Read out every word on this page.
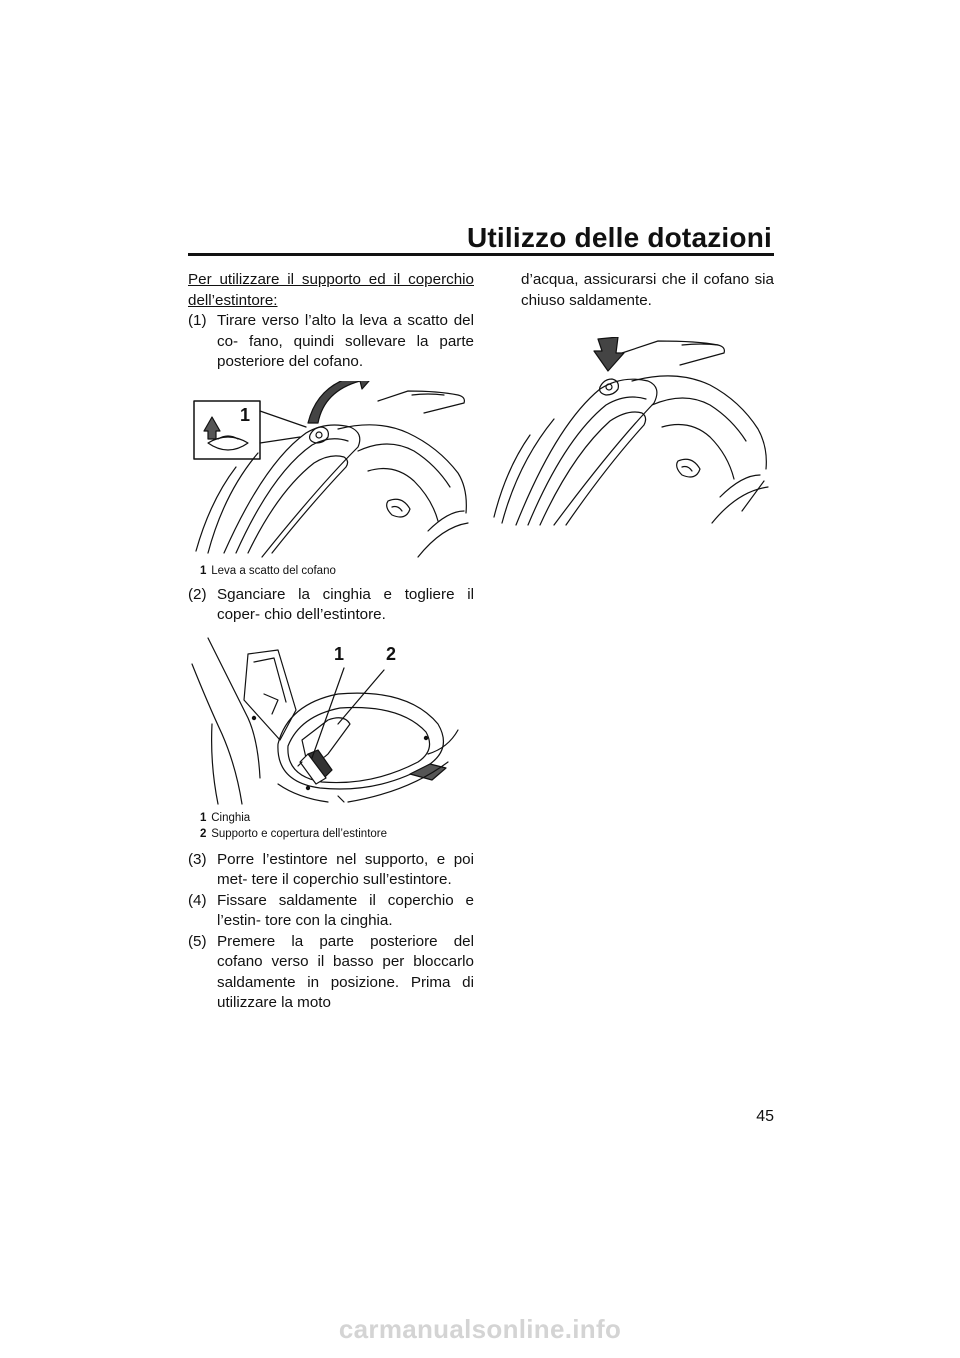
Utilizzo delle dotazioni
Per utilizzare il supporto ed il coperchio
dell’estintore:
(1) Tirare verso l’alto la leva a scatto del co- fano, quindi sollevare la parte posteriore del cofano.
1
1 Leva a scatto del cofano
(2) Sganciare la cinghia e togliere il coper- chio dell’estintore.
1 2
1 Cinghia
2 Supporto e copertura dell’estintore
(3) Porre l’estintore nel supporto, e poi met- tere il coperchio sull’estintore.
(4) Fissare saldamente il coperchio e l’estin- tore con la cinghia.
(5) Premere la parte posteriore del cofano verso il basso per bloccarlo saldamente in posizione. Prima di utilizzare la moto
d’acqua, assicurarsi che il cofano sia chiuso saldamente.
45
carmanualsonline.info
